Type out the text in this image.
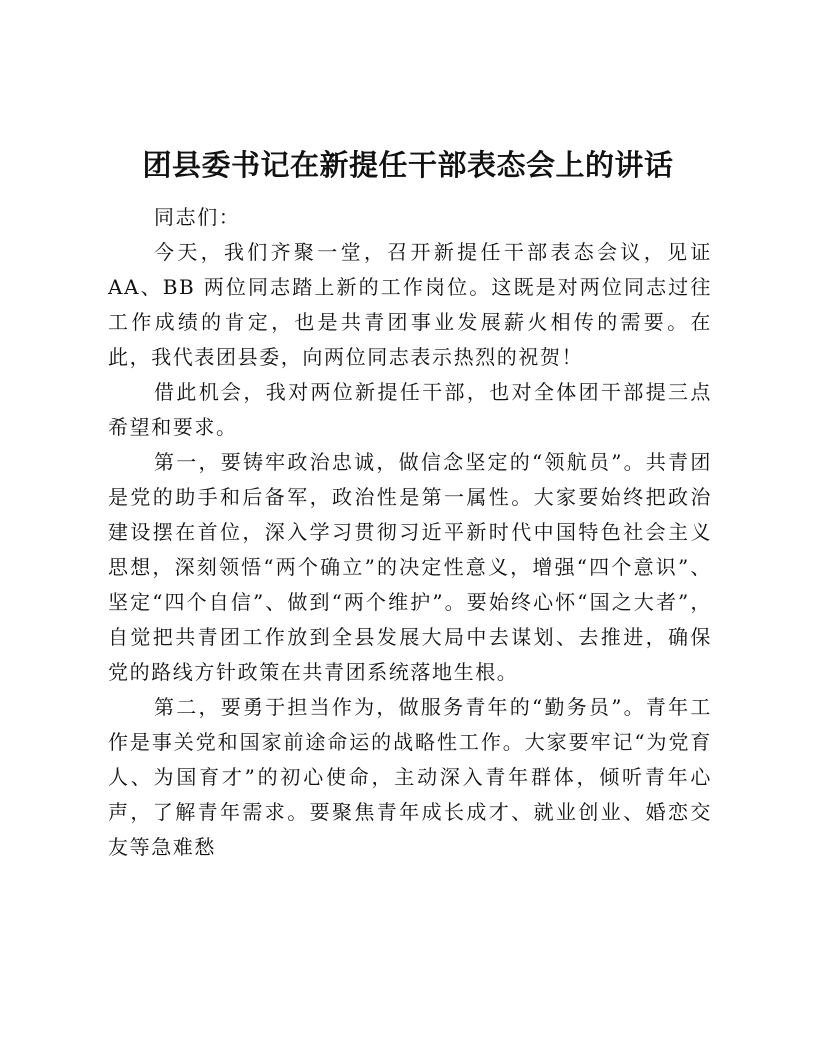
团县委书记在新提任干部表态会上的讲话

同志们：

今天，我们齐聚一堂，召开新提任干部表态会议，见证 AA、BB 两位同志踏上新的工作岗位。这既是对两位同志过往工作成绩的肯定，也是共青团事业发展薪火相传的需要。在此，我代表团县委，向两位同志表示热烈的祝贺！

借此机会，我对两位新提任干部，也对全体团干部提三点希望和要求。

第一，要铸牢政治忠诚，做信念坚定的“领航员”。共青团是党的助手和后备军，政治性是第一属性。大家要始终把政治建设摆在首位，深入学习贯彻习近平新时代中国特色社会主义思想，深刻领悟“两个确立”的决定性意义，增强“四个意识”、坚定“四个自信”、做到“两个维护”。要始终心怀“国之大者”，自觉把共青团工作放到全县发展大局中去谋划、去推进，确保党的路线方针政策在共青团系统落地生根。

第二，要勇于担当作为，做服务青年的“勤务员”。青年工作是事关党和国家前途命运的战略性工作。大家要牢记“为党育人、为国育才”的初心使命，主动深入青年群体，倾听青年心声，了解青年需求。要聚焦青年成长成才、就业创业、婚恋交友等急难愁
